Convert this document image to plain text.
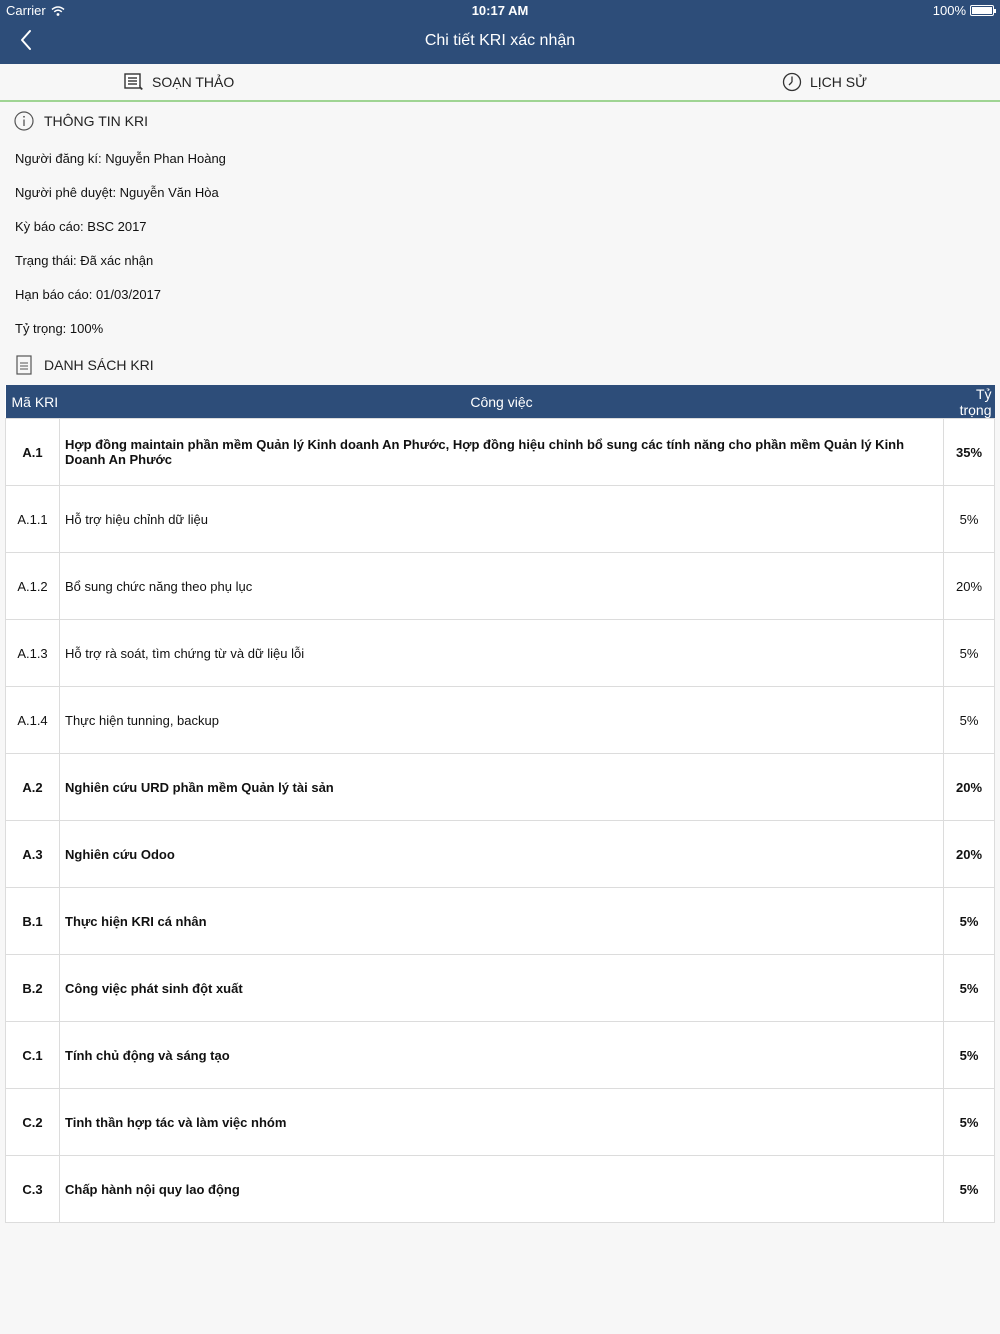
Carrier	10:17 AM	100%
Chi tiết KRI xác nhận
SOẠN THẢO	LỊCH SỬ
THÔNG TIN KRI
Người đăng kí: Nguyễn Phan Hoàng
Người phê duyệt: Nguyễn Văn Hòa
Kỳ báo cáo: BSC 2017
Trạng thái: Đã xác nhận
Hạn báo cáo: 01/03/2017
Tỷ trọng: 100%
DANH SÁCH KRI
Mã KRI	Công việc	Tỷ trọng
A.1	Hợp đồng maintain phần mềm Quản lý Kinh doanh An Phước, Hợp đồng hiệu chỉnh bổ sung các tính năng cho phần mềm Quản lý Kinh Doanh An Phước	35%
A.1.1	Hỗ trợ hiệu chỉnh dữ liệu	5%
A.1.2	Bổ sung chức năng theo phụ lục	20%
A.1.3	Hỗ trợ rà soát, tìm chứng từ và dữ liệu lỗi	5%
A.1.4	Thực hiện tunning, backup	5%
A.2	Nghiên cứu URD phần mềm Quản lý tài sản	20%
A.3	Nghiên cứu Odoo	20%
B.1	Thực hiện KRI cá nhân	5%
B.2	Công việc phát sinh đột xuất	5%
C.1	Tính chủ động và sáng tạo	5%
C.2	Tinh thần hợp tác và làm việc nhóm	5%
C.3	Chấp hành nội quy lao động	5%
